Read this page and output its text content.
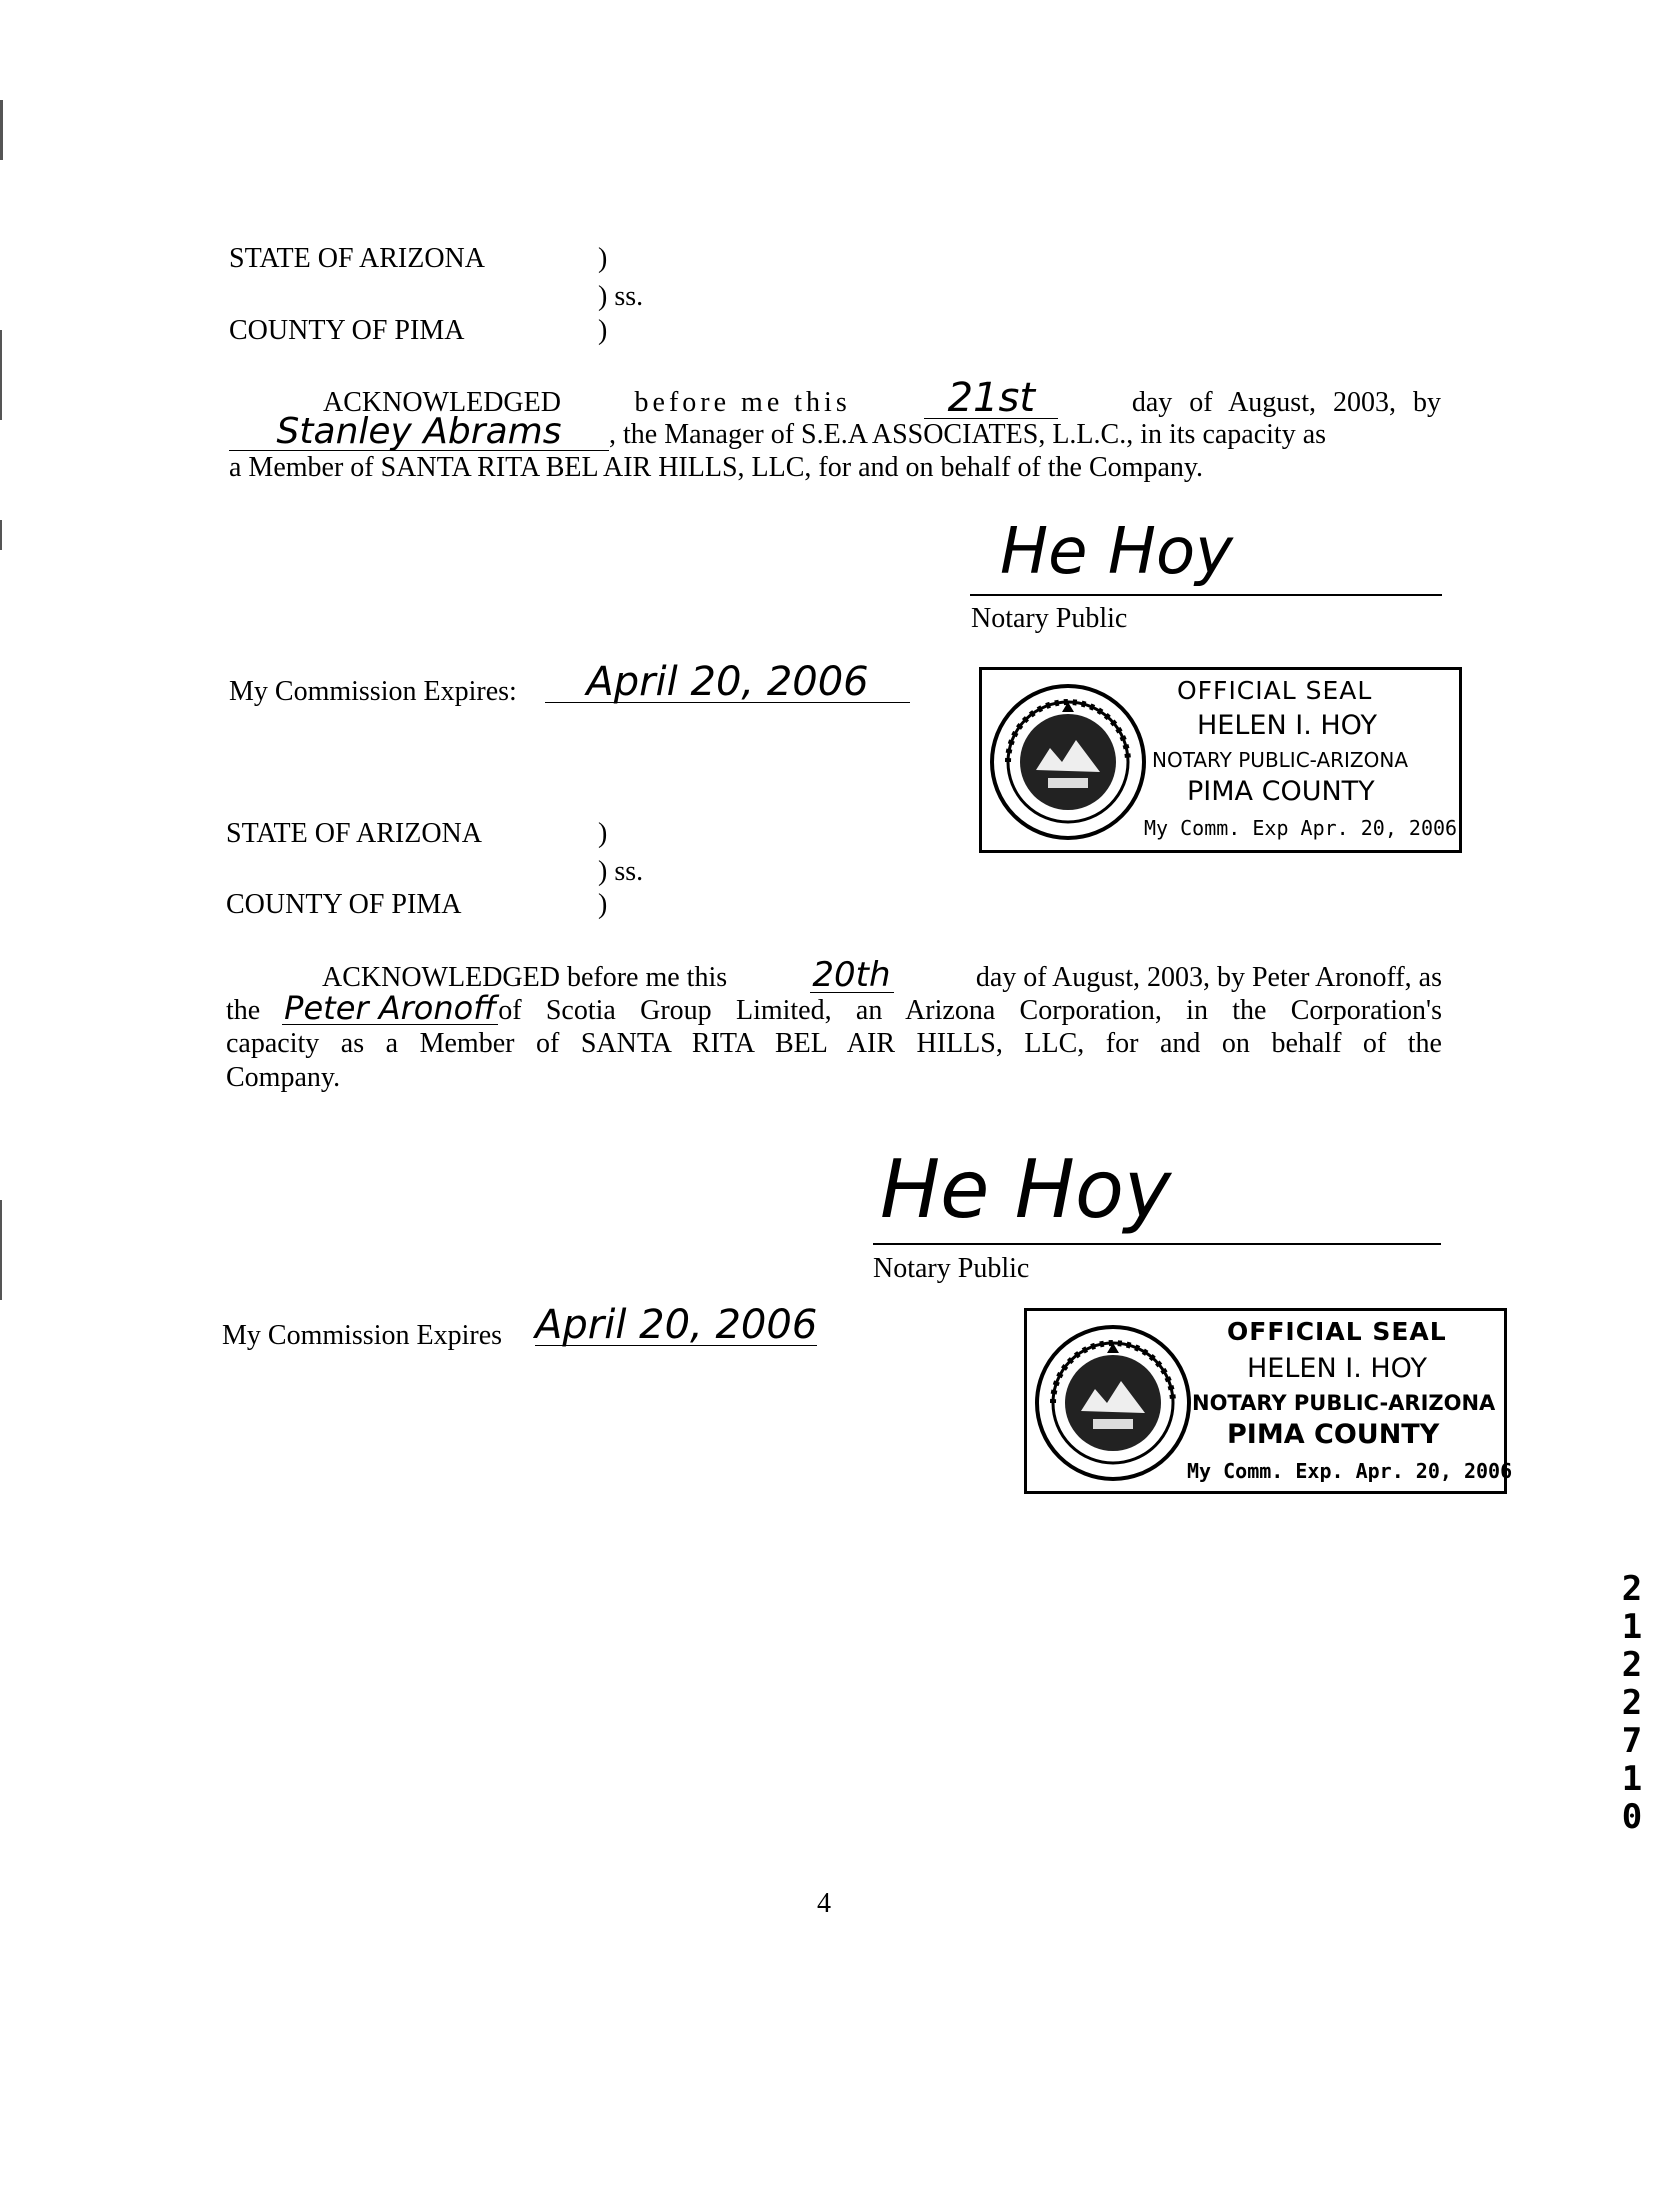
STATE OF ARIZONA	)
) ss.
COUNTY OF PIMA	)
ACKNOWLEDGED	before me this	21st	day of August, 2003, by
Stanley Abrams	, the Manager of S.E.A ASSOCIATES, L.L.C., in its capacity as
a Member of SANTA RITA BEL AIR HILLS, LLC, for and on behalf of the Company.
He Hoy
Notary Public
My Commission Expires:	April 20, 2006	OFFICIAL SEAL
HELEN I. HOY
NOTARY PUBLIC-ARIZONA
PIMA COUNTY
My Comm. Exp Apr. 20, 2006
STATE OF ARIZONA	)
) ss.
COUNTY OF PIMA	)
ACKNOWLEDGED before me this	20th	day of August, 2003, by Peter Aronoff, as
the Peter Aronoff of Scotia Group Limited, an Arizona Corporation, in the Corporation's
capacity as a Member of SANTA RITA BEL AIR HILLS, LLC, for and on behalf of the
Company.
He Hoy
Notary Public
My Commission Expires April 20, 2006	OFFICIAL SEAL
HELEN I. HOY
NOTARY PUBLIC-ARIZONA
PIMA COUNTY
My Comm. Exp. Apr. 20, 2006
4
2122710
